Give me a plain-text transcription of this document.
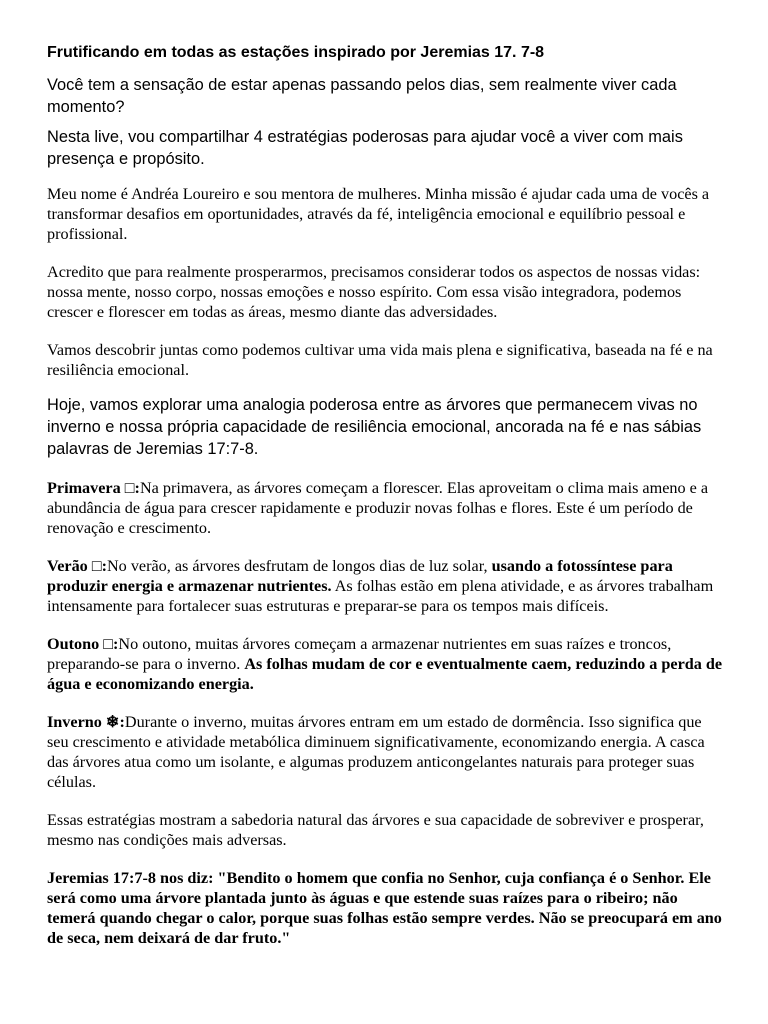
Frutificando em todas as estações inspirado por Jeremias 17. 7-8

Você tem a sensação de estar apenas passando pelos dias, sem realmente viver cada momento?

Nesta live, vou compartilhar 4 estratégias poderosas para ajudar você a viver com mais presença e propósito.

Meu nome é Andréa Loureiro e sou mentora de mulheres. Minha missão é ajudar cada uma de vocês a transformar desafios em oportunidades, através da fé, inteligência emocional e equilíbrio pessoal e profissional.

Acredito que para realmente prosperarmos, precisamos considerar todos os aspectos de nossas vidas: nossa mente, nosso corpo, nossas emoções e nosso espírito. Com essa visão integradora, podemos crescer e florescer em todas as áreas, mesmo diante das adversidades.

Vamos descobrir juntas como podemos cultivar uma vida mais plena e significativa, baseada na fé e na resiliência emocional.

Hoje, vamos explorar uma analogia poderosa entre as árvores que permanecem vivas no inverno e nossa própria capacidade de resiliência emocional, ancorada na fé e nas sábias palavras de Jeremias 17:7-8.

Primavera □:Na primavera, as árvores começam a florescer. Elas aproveitam o clima mais ameno e a abundância de água para crescer rapidamente e produzir novas folhas e flores. Este é um período de renovação e crescimento.

Verão □:No verão, as árvores desfrutam de longos dias de luz solar, usando a fotossíntese para produzir energia e armazenar nutrientes. As folhas estão em plena atividade, e as árvores trabalham intensamente para fortalecer suas estruturas e preparar-se para os tempos mais difíceis.

Outono □:No outono, muitas árvores começam a armazenar nutrientes em suas raízes e troncos, preparando-se para o inverno. As folhas mudam de cor e eventualmente caem, reduzindo a perda de água e economizando energia.

Inverno ❄:Durante o inverno, muitas árvores entram em um estado de dormência. Isso significa que seu crescimento e atividade metabólica diminuem significativamente, economizando energia. A casca das árvores atua como um isolante, e algumas produzem anticongelantes naturais para proteger suas células.

Essas estratégias mostram a sabedoria natural das árvores e sua capacidade de sobreviver e prosperar, mesmo nas condições mais adversas.

Jeremias 17:7-8 nos diz: "Bendito o homem que confia no Senhor, cuja confiança é o Senhor. Ele será como uma árvore plantada junto às águas e que estende suas raízes para o ribeiro; não temerá quando chegar o calor, porque suas folhas estão sempre verdes. Não se preocupará em ano de seca, nem deixará de dar fruto."
